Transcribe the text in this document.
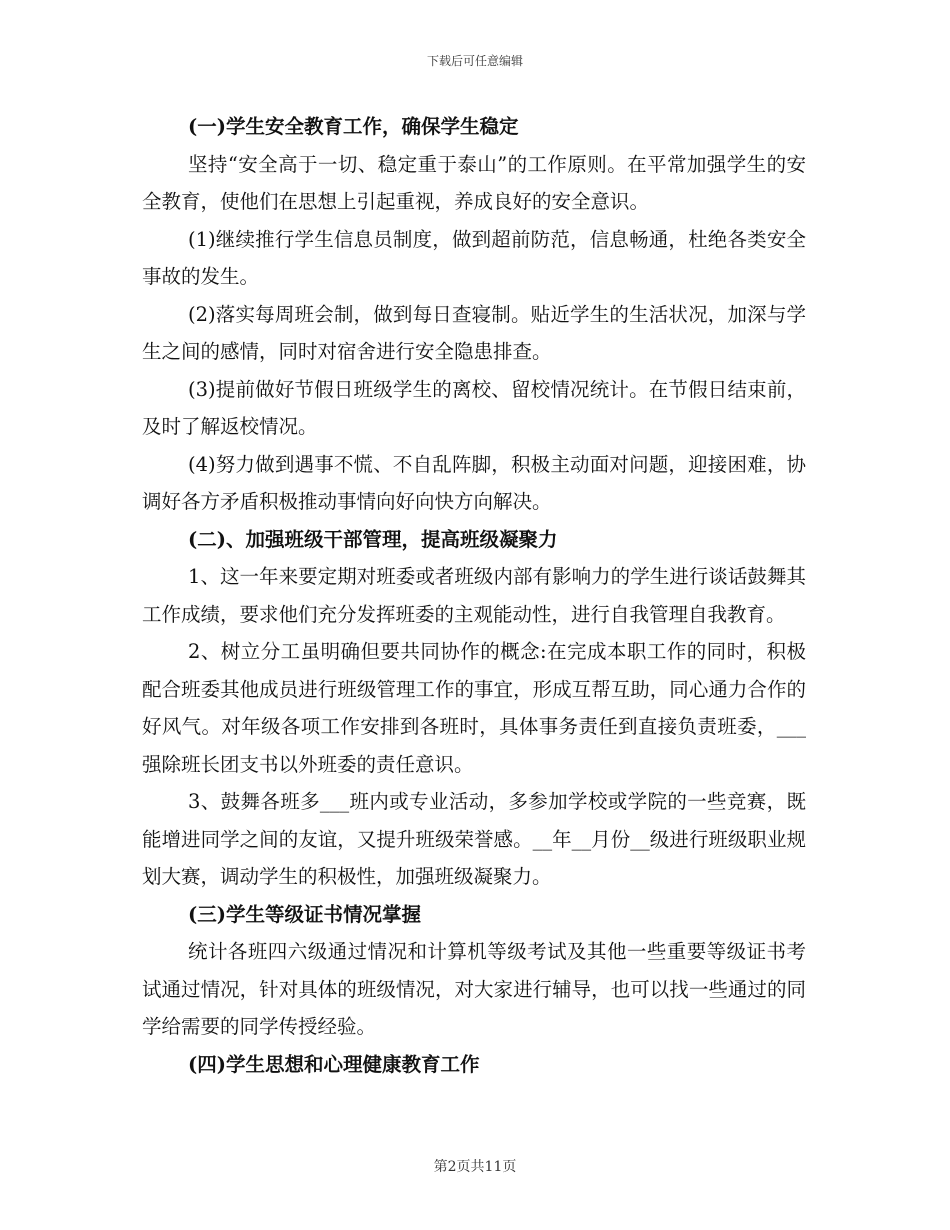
下载后可任意编辑

(一)学生安全教育工作，确保学生稳定

坚持“安全高于一切、稳定重于泰山”的工作原则。在平常加强学生的安全教育，使他们在思想上引起重视，养成良好的安全意识。

(1)继续推行学生信息员制度，做到超前防范，信息畅通，杜绝各类安全事故的发生。

(2)落实每周班会制，做到每日查寝制。贴近学生的生活状况，加深与学生之间的感情，同时对宿舍进行安全隐患排查。

(3)提前做好节假日班级学生的离校、留校情况统计。在节假日结束前，及时了解返校情况。

(4)努力做到遇事不慌、不自乱阵脚，积极主动面对问题，迎接困难，协调好各方矛盾积极推动事情向好向快方向解决。

(二)、加强班级干部管理，提高班级凝聚力

1、这一年来要定期对班委或者班级内部有影响力的学生进行谈话鼓舞其工作成绩，要求他们充分发挥班委的主观能动性，进行自我管理自我教育。

2、树立分工虽明确但要共同协作的概念:在完成本职工作的同时，积极配合班委其他成员进行班级管理工作的事宜，形成互帮互助，同心通力合作的好风气。对年级各项工作安排到各班时，具体事务责任到直接负责班委，___强除班长团支书以外班委的责任意识。

3、鼓舞各班多___班内或专业活动，多参加学校或学院的一些竞赛，既能增进同学之间的友谊，又提升班级荣誉感。__年__月份__级进行班级职业规划大赛，调动学生的积极性，加强班级凝聚力。

(三)学生等级证书情况掌握

统计各班四六级通过情况和计算机等级考试及其他一些重要等级证书考试通过情况，针对具体的班级情况，对大家进行辅导，也可以找一些通过的同学给需要的同学传授经验。

(四)学生思想和心理健康教育工作

第2页共11页
